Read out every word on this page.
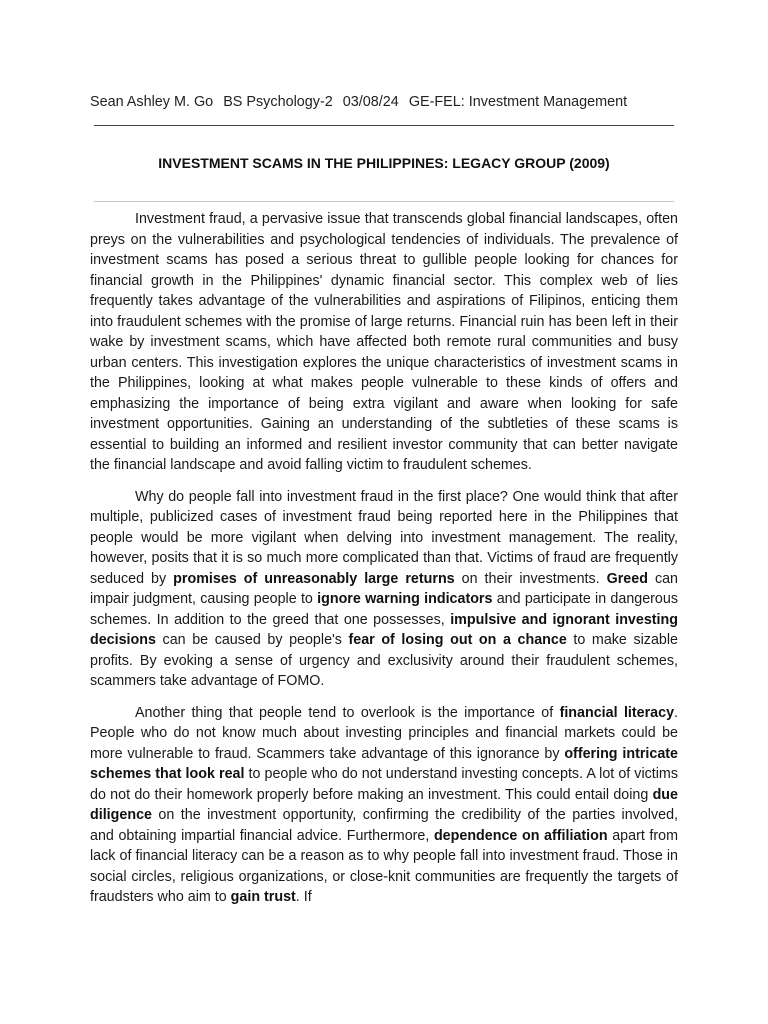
Sean Ashley M. Go BS Psychology-2 03/08/24 GE-FEL: Investment Management
INVESTMENT SCAMS IN THE PHILIPPINES: LEGACY GROUP (2009)

Investment fraud, a pervasive issue that transcends global financial landscapes, often preys on the vulnerabilities and psychological tendencies of individuals. The prevalence of investment scams has posed a serious threat to gullible people looking for chances for financial growth in the Philippines' dynamic financial sector. This complex web of lies frequently takes advantage of the vulnerabilities and aspirations of Filipinos, enticing them into fraudulent schemes with the promise of large returns. Financial ruin has been left in their wake by investment scams, which have affected both remote rural communities and busy urban centers. This investigation explores the unique characteristics of investment scams in the Philippines, looking at what makes people vulnerable to these kinds of offers and emphasizing the importance of being extra vigilant and aware when looking for safe investment opportunities. Gaining an understanding of the subtleties of these scams is essential to building an informed and resilient investor community that can better navigate the financial landscape and avoid falling victim to fraudulent schemes.

Why do people fall into investment fraud in the first place? One would think that after multiple, publicized cases of investment fraud being reported here in the Philippines that people would be more vigilant when delving into investment management. The reality, however, posits that it is so much more complicated than that. Victims of fraud are frequently seduced by promises of unreasonably large returns on their investments. Greed can impair judgment, causing people to ignore warning indicators and participate in dangerous schemes. In addition to the greed that one possesses, impulsive and ignorant investing decisions can be caused by people's fear of losing out on a chance to make sizable profits. By evoking a sense of urgency and exclusivity around their fraudulent schemes, scammers take advantage of FOMO.

Another thing that people tend to overlook is the importance of financial literacy. People who do not know much about investing principles and financial markets could be more vulnerable to fraud. Scammers take advantage of this ignorance by offering intricate schemes that look real to people who do not understand investing concepts. A lot of victims do not do their homework properly before making an investment. This could entail doing due diligence on the investment opportunity, confirming the credibility of the parties involved, and obtaining impartial financial advice. Furthermore, dependence on affiliation apart from lack of financial literacy can be a reason as to why people fall into investment fraud. Those in social circles, religious organizations, or close-knit communities are frequently the targets of fraudsters who aim to gain trust. If
